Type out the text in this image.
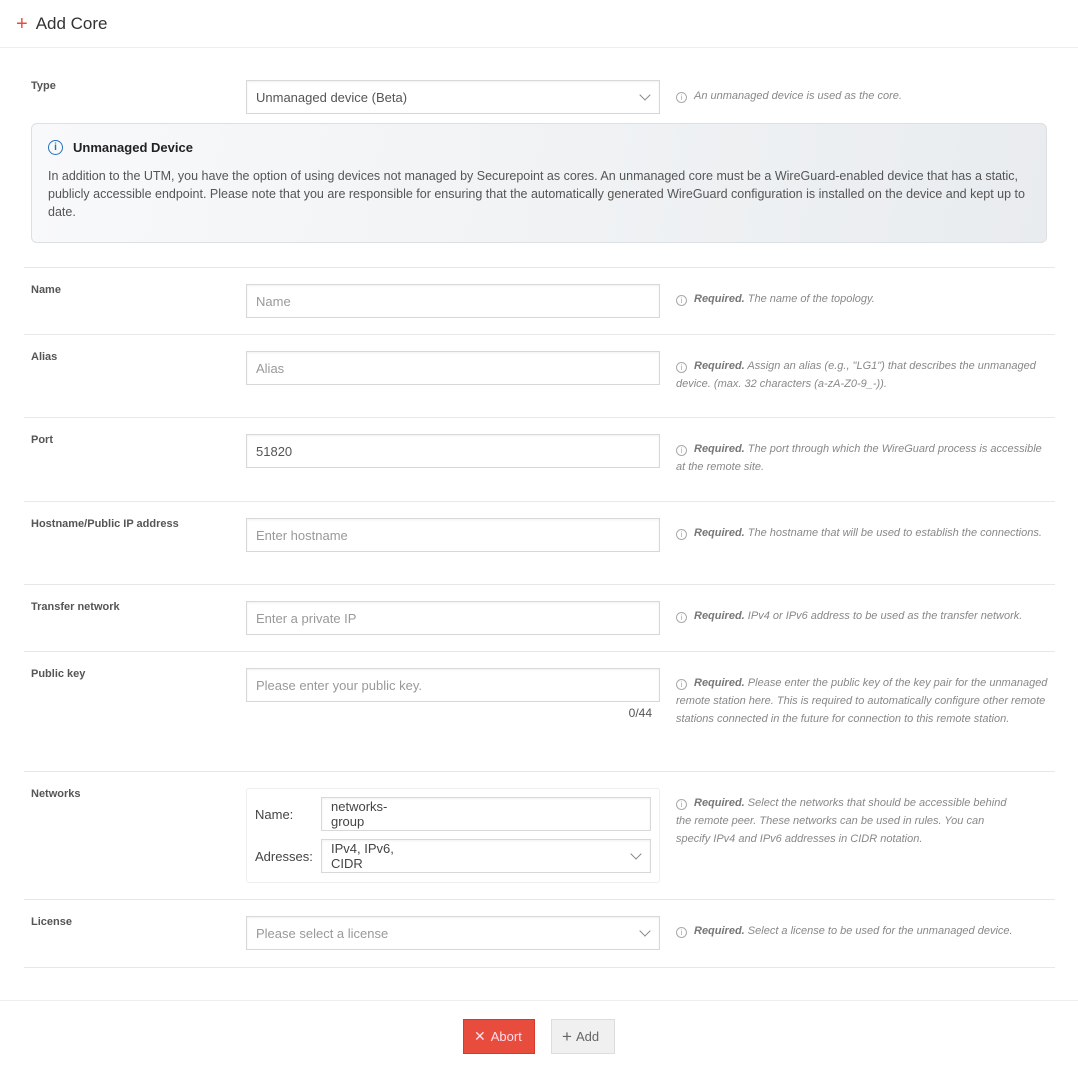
+ Add Core
Type
Unmanaged device (Beta)	i An unmanaged device is used as the core.
i	Unmanaged Device

In addition to the UTM, you have the option of using devices not managed by Securepoint as cores. An unmanaged core must be a WireGuard-enabled device that has a static, publicly accessible endpoint. Please note that you are responsible for ensuring that the automatically generated WireGuard configuration is installed on the device and kept up to date.

Name
Name	i Required. The name of the topology.
Alias
Alias	i Required. Assign an alias (e.g., "LG1") that describes the unmanaged device. (max. 32 characters (a-zA-Z0-9_-)).
Port
51820	i Required. The port through which the WireGuard process is accessible at the remote site.
Hostname/Public IP address
Enter hostname	i Required. The hostname that will be used to establish the connections.
Transfer network
Enter a private IP	i Required. IPv4 or IPv6 address to be used as the transfer network.
Public key
Please enter your public key.
0/44
i Required. Please enter the public key of the key pair for the unmanaged remote station here. This is required to automatically configure other remote stations connected in the future for connection to this remote station.
Networks
Name:	networks-group
Adresses:	IPv4, IPv6, CIDR
i Required. Select the networks that should be accessible behind the remote peer. These networks can be used in rules. You can specify IPv4 and IPv6 addresses in CIDR notation.
License
Please select a license	i Required. Select a license to be used for the unmanaged device.
✕ Abort + Add
